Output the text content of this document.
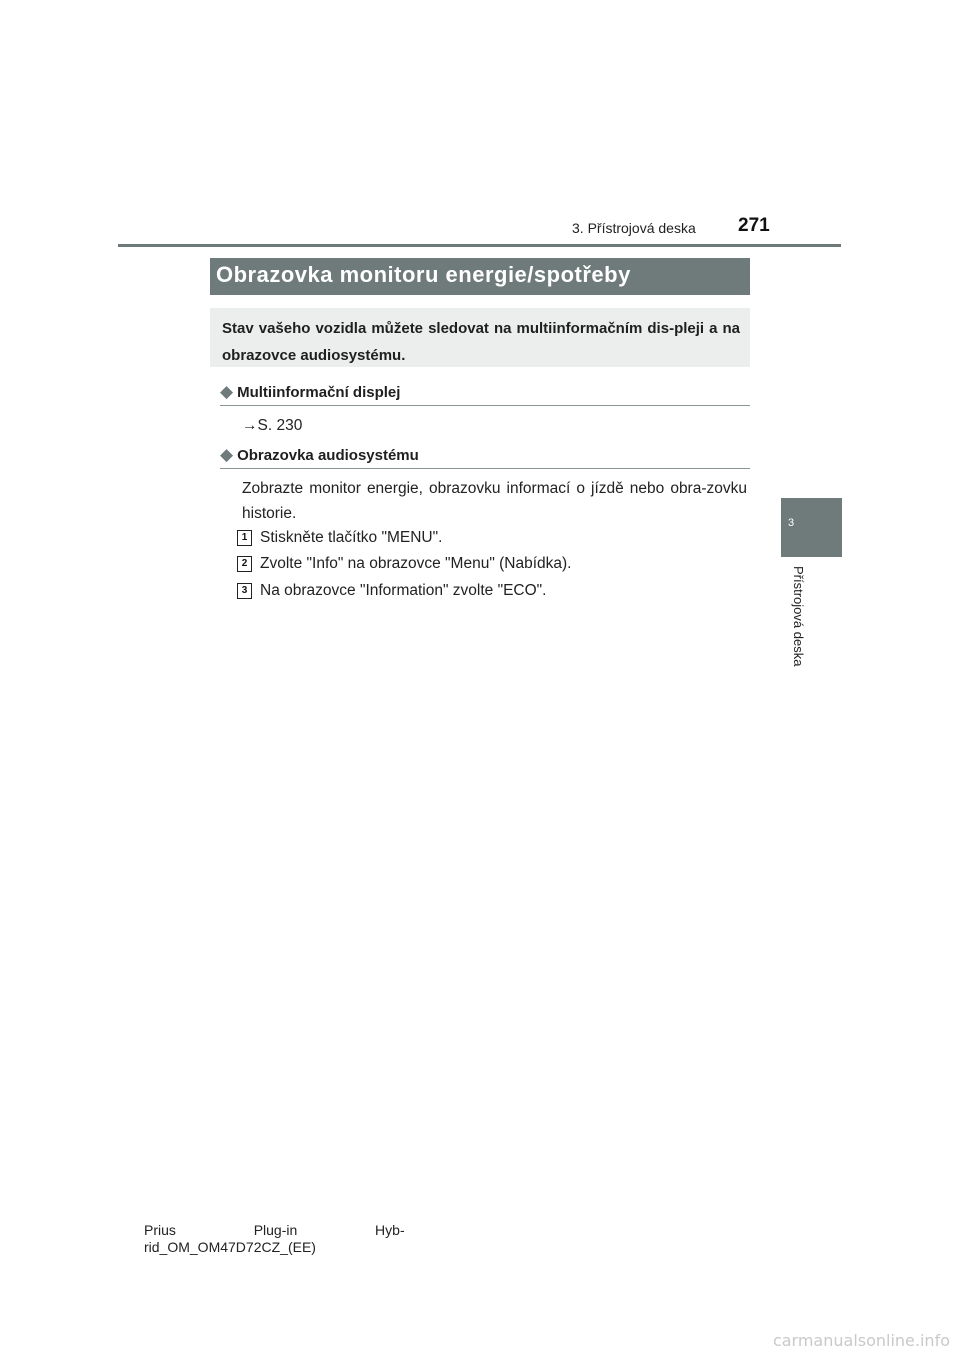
3. Přístrojová deska 271
3
Přístrojová deska
Obrazovka monitoru energie/spotřeby
Stav vašeho vozidla můžete sledovat na multiinformačním dis-pleji a na obrazovce audiosystému.
◆ Multiinformační displej
→S. 230
◆ Obrazovka audiosystému
Zobrazte monitor energie, obrazovku informací o jízdě nebo obra-zovku historie.
1 Stiskněte tlačítko "MENU".
2 Zvolte "Info" na obrazovce "Menu" (Nabídka).
3 Na obrazovce "Information" zvolte "ECO".
Prius                    Plug-in                    Hyb-
rid_OM_OM47D72CZ_(EE)
carmanualsonline.info
